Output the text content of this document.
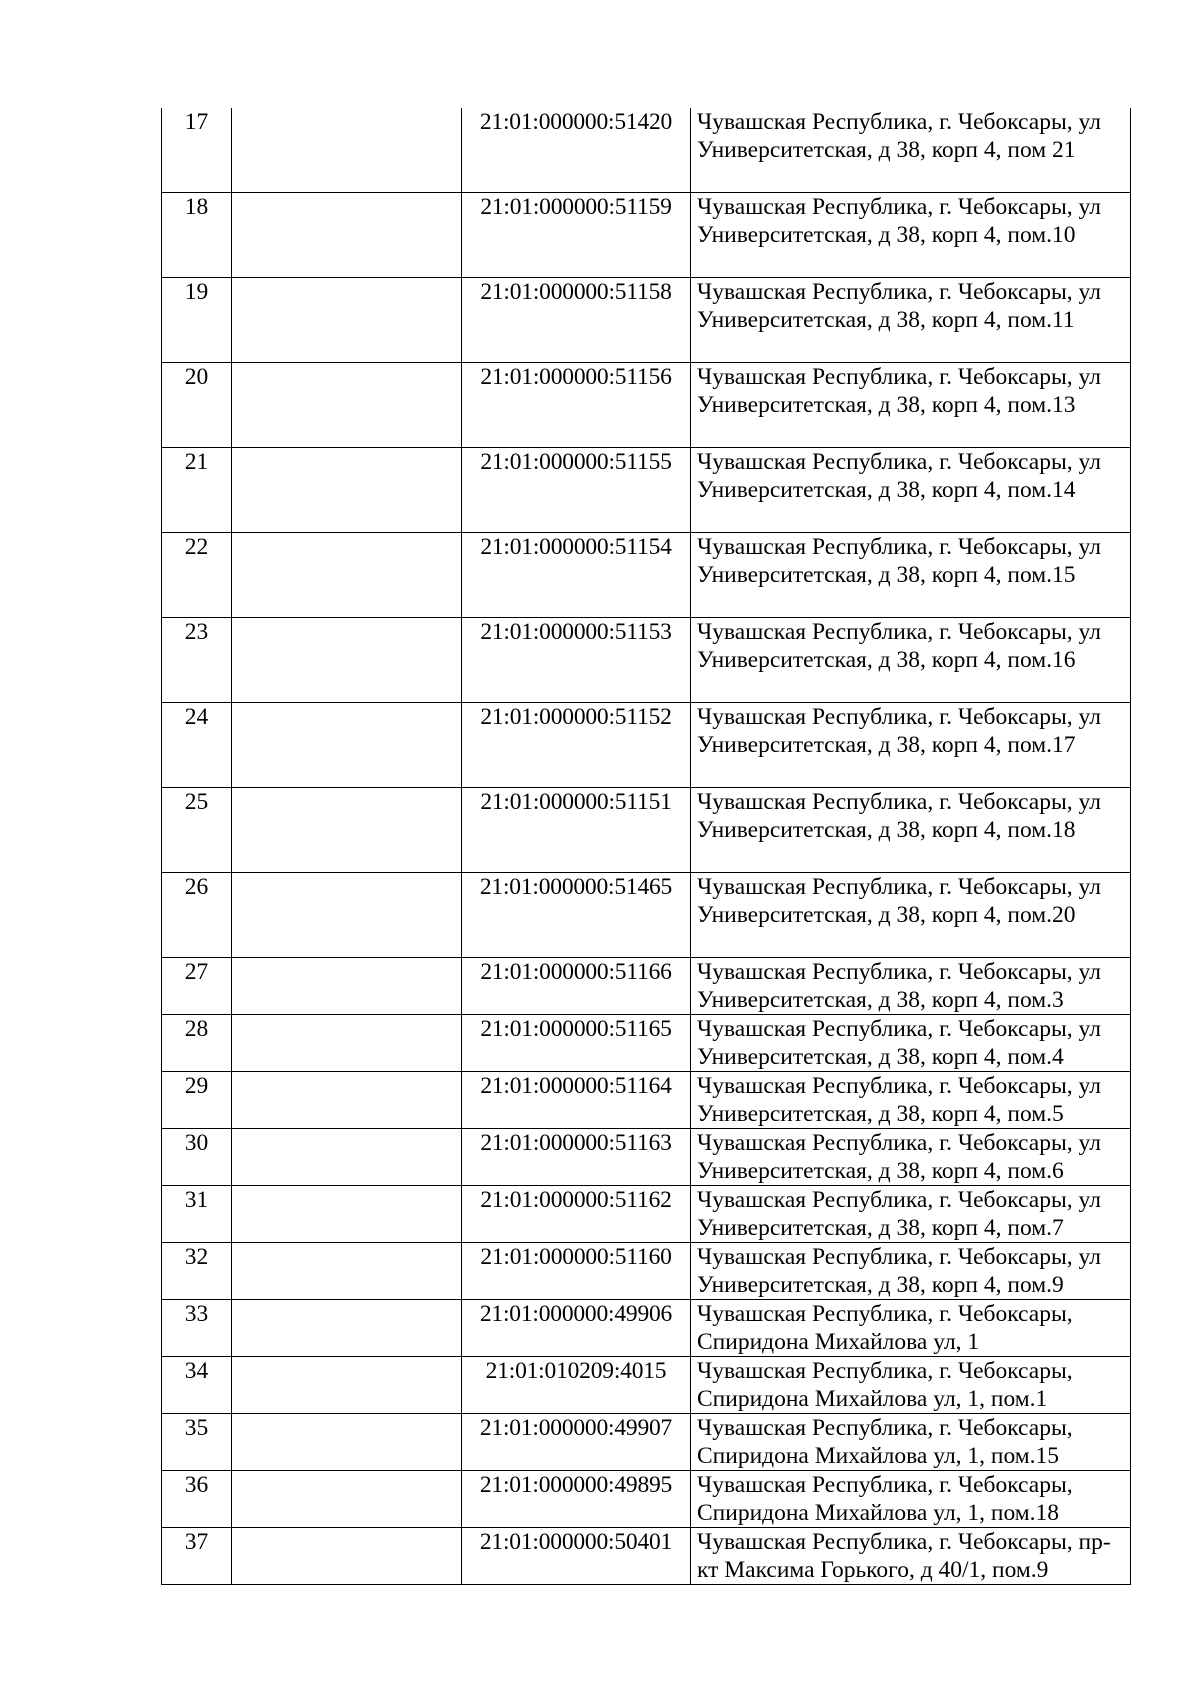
17		21:01:000000:51420	Чувашская Республика, г. Чебоксары, ул Университетская, д 38, корп 4, пом 21
18		21:01:000000:51159	Чувашская Республика, г. Чебоксары, ул Университетская, д 38, корп 4, пом.10
19		21:01:000000:51158	Чувашская Республика, г. Чебоксары, ул Университетская, д 38, корп 4, пом.11
20		21:01:000000:51156	Чувашская Республика, г. Чебоксары, ул Университетская, д 38, корп 4, пом.13
21		21:01:000000:51155	Чувашская Республика, г. Чебоксары, ул Университетская, д 38, корп 4, пом.14
22		21:01:000000:51154	Чувашская Республика, г. Чебоксары, ул Университетская, д 38, корп 4, пом.15
23		21:01:000000:51153	Чувашская Республика, г. Чебоксары, ул Университетская, д 38, корп 4, пом.16
24		21:01:000000:51152	Чувашская Республика, г. Чебоксары, ул Университетская, д 38, корп 4, пом.17
25		21:01:000000:51151	Чувашская Республика, г. Чебоксары, ул Университетская, д 38, корп 4, пом.18
26		21:01:000000:51465	Чувашская Республика, г. Чебоксары, ул Университетская, д 38, корп 4, пом.20
27		21:01:000000:51166	Чувашская Республика, г. Чебоксары, ул Университетская, д 38, корп 4, пом.3
28		21:01:000000:51165	Чувашская Республика, г. Чебоксары, ул Университетская, д 38, корп 4, пом.4
29		21:01:000000:51164	Чувашская Республика, г. Чебоксары, ул Университетская, д 38, корп 4, пом.5
30		21:01:000000:51163	Чувашская Республика, г. Чебоксары, ул Университетская, д 38, корп 4, пом.6
31		21:01:000000:51162	Чувашская Республика, г. Чебоксары, ул Университетская, д 38, корп 4, пом.7
32		21:01:000000:51160	Чувашская Республика, г. Чебоксары, ул Университетская, д 38, корп 4, пом.9
33		21:01:000000:49906	Чувашская Республика, г. Чебоксары, Спиридона Михайлова ул, 1
34		21:01:010209:4015	Чувашская Республика, г. Чебоксары, Спиридона Михайлова ул, 1, пом.1
35		21:01:000000:49907	Чувашская Республика, г. Чебоксары, Спиридона Михайлова ул, 1, пом.15
36		21:01:000000:49895	Чувашская Республика, г. Чебоксары, Спиридона Михайлова ул, 1, пом.18
37		21:01:000000:50401	Чувашская Республика, г. Чебоксары, пр-кт Максима Горького, д 40/1, пом.9
